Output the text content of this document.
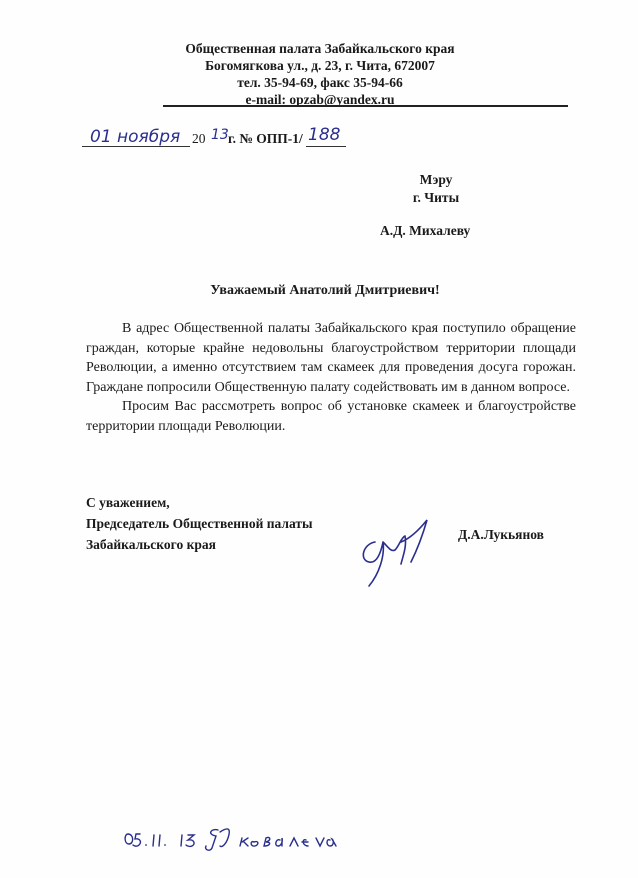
Общественная палата Забайкальского края
Богомягкова ул., д. 23, г. Чита, 672007
тел. 35-94-69, факс 35-94-66
e-mail: opzab@yandex.ru
01 ноября 20 13 г. № ОПП-1/ 188
Мэру
г. Читы
А.Д. Михалеву
Уважаемый Анатолий Дмитриевич!

В адрес Общественной палаты Забайкальского края поступило обращение граждан, которые крайне недовольны благоустройством территории площади Революции, а именно отсутствием там скамеек для проведения досуга горожан. Граждане попросили Общественную палату содействовать им в данном вопросе.

Просим Вас рассмотреть вопрос об установке скамеек и благоустройстве территории площади Революции.

С уважением,
Председатель Общественной палаты
Забайкальского края
Д.А.Лукьянов
